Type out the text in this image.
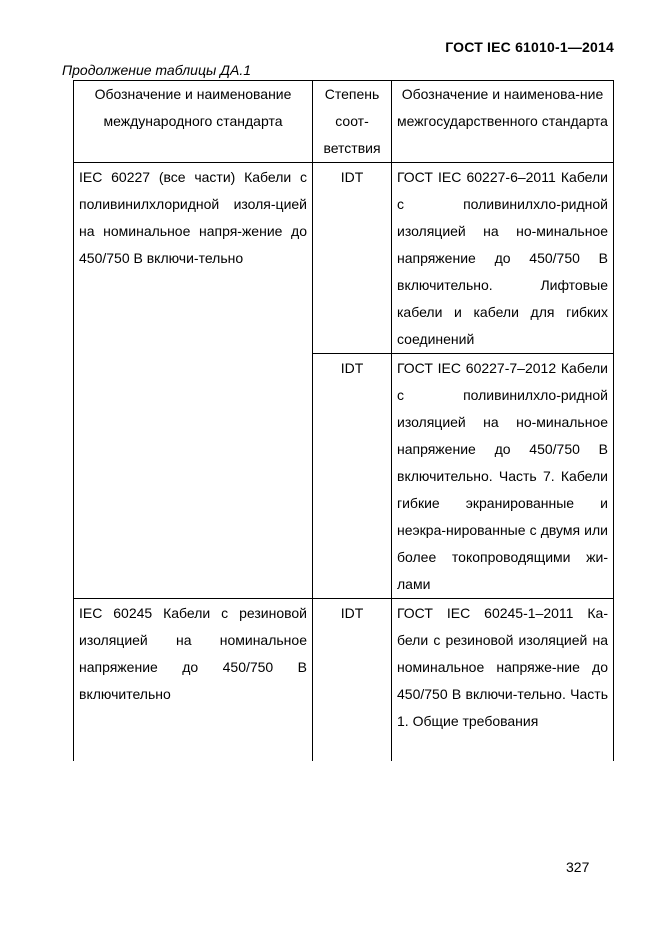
ГОСТ IEC 61010-1—2014
Продолжение таблицы ДА.1
Обозначение и наименование международного стандарта	Степень соот-ветствия	Обозначение и наименова-ние межгосударственного стандарта

IEC 60227 (все части) Кабели с поливинилхлоридной изоля-цией на номинальное напря-жение до 450/750 В включи-тельно	IDT	ГОСТ IEC 60227-6–2011 Кабели с поливинилхло-ридной изоляцией на но-минальное напряжение до 450/750 В включительно. Лифтовые кабели и кабели для гибких соединений

	IDT	ГОСТ IEC 60227-7–2012 Кабели с поливинилхло-ридной изоляцией на но-минальное напряжение до 450/750 В включительно. Часть 7. Кабели гибкие экранированные и неэкра-нированные с двумя или более токопроводящими жи-лами

IEC 60245 Кабели с резиновой изоляцией на номинальное напряжение до 450/750 В включительно	IDT	ГОСТ IEC 60245-1–2011 Ка-бели с резиновой изоляцией на номинальное напряже-ние до 450/750 В включи-тельно. Часть 1. Общие требования
327
